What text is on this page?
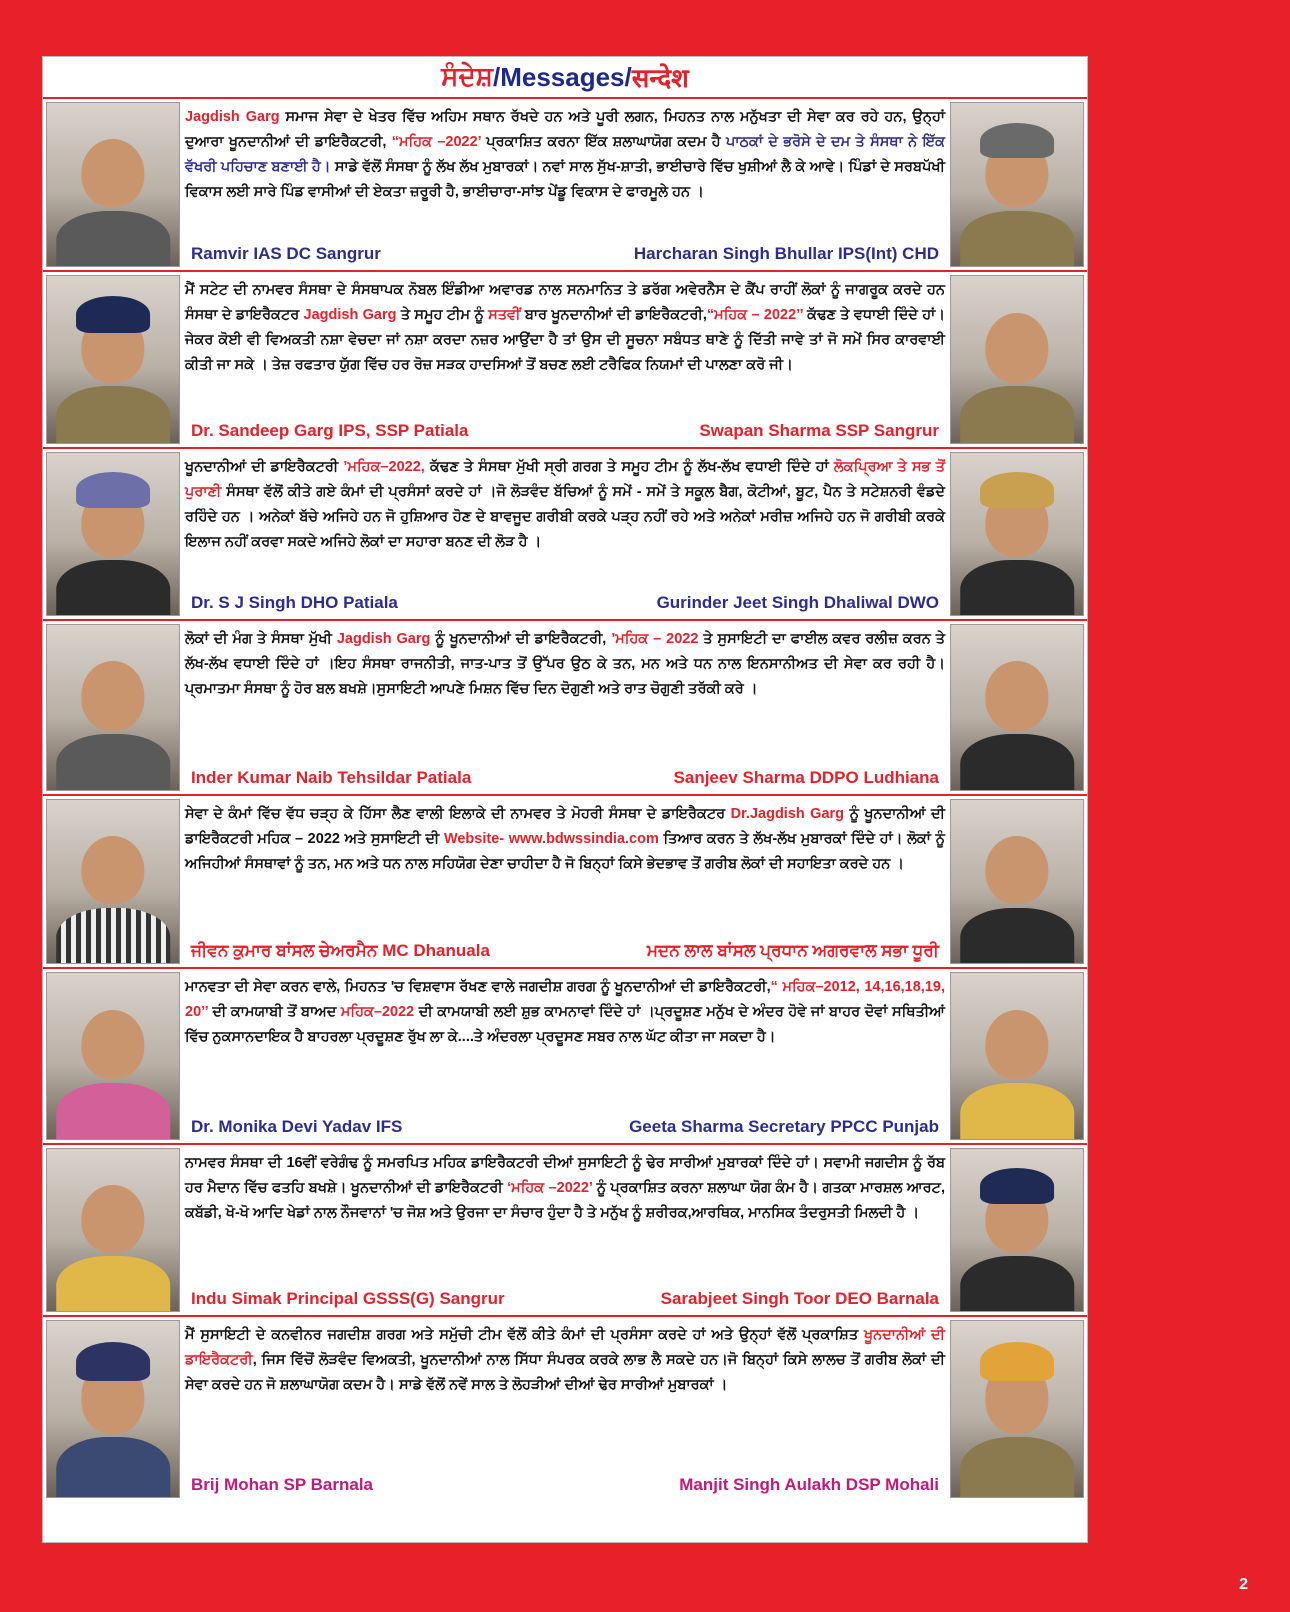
ਸੰਦੇਸ਼ / Messages / सन्देश

Jagdish Garg ਸਮਾਜ ਸੇਵਾ ਦੇ ਖੇਤਰ ਵਿੱਚ ਅਹਿਮ ਸਥਾਨ ਰੱਖਦੇ ਹਨ ਅਤੇ ਪੂਰੀ ਲਗਨ, ਮਿਹਨਤ ਨਾਲ ਮਨੁੱਖਤਾ ਦੀ ਸੇਵਾ ਕਰ ਰਹੇ ਹਨ, ਉਨ੍ਹਾਂ ਦੁਆਰਾ ਖੂਨਦਾਨੀਆਂ ਦੀ ਡਾਇਰੈਕਟਰੀ, “ਮਹਿਕ –2022’ ਪ੍ਰਕਾਸ਼ਿਤ ਕਰਨਾ ਇੱਕ ਸ਼ਲਾਘਾਯੋਗ ਕਦਮ ਹੈ ਪਾਠਕਾਂ ਦੇ ਭਰੋਸੇ ਦੇ ਦਮ ਤੇ ਸੰਸਥਾ ਨੇ ਇੱਕ ਵੱਖਰੀ ਪਹਿਚਾਣ ਬਣਾਈ ਹੈ। ਸਾਡੇ ਵੱਲੋਂ ਸੰਸਥਾ ਨੂੰ ਲੱਖ ਲੱਖ ਮੁਬਾਰਕਾਂ। ਨਵਾਂ ਸਾਲ ਸੁੱਖ-ਸ਼ਾਤੀ, ਭਾਈਚਾਰੇ ਵਿੱਚ ਖੁਸ਼ੀਆਂ ਲੈ ਕੇ ਆਵੇ। ਪਿੰਡਾਂ ਦੇ ਸਰਬਪੱਖੀ ਵਿਕਾਸ ਲਈ ਸਾਰੇ ਪਿੰਡ ਵਾਸੀਆਂ ਦੀ ਏਕਤਾ ਜ਼ਰੂਰੀ ਹੈ, ਭਾਈਚਾਰਾ-ਸਾਂਝ ਪੇਂਡੂ ਵਿਕਾਸ ਦੇ ਫਾਰਮੂਲੇ ਹਨ ।

Ramvir IAS DC Sangrur	Harcharan Singh Bhullar IPS(Int) CHD

ਮੈਂ ਸਟੇਟ ਦੀ ਨਾਮਵਰ ਸੰਸਥਾ ਦੇ ਸੰਸਥਾਪਕ ਨੋਬਲ ਇੰਡੀਆ ਅਵਾਰਡ ਨਾਲ ਸਨਮਾਨਿਤ ਤੇ ਡਰੱਗ ਅਵੇਰਨੈਸ ਦੇ ਕੈਂਪ ਰਾਹੀਂ ਲੋਕਾਂ ਨੂੰ ਜਾਗਰੂਕ ਕਰਦੇ ਹਨ ਸੰਸਥਾ ਦੇ ਡਾਇਰੈਕਟਰ Jagdish Garg ਤੇ ਸਮੂਹ ਟੀਮ ਨੂੰ ਸਤਵੀਂ ਬਾਰ ਖੂਨਦਾਨੀਆਂ ਦੀ ਡਾਇਰੈਕਟਰੀ,“ਮਹਿਕ – 2022’’ ਕੱਢਣ ਤੇ ਵਧਾਈ ਦਿੰਦੇ ਹਾਂ। ਜੇਕਰ ਕੋਈ ਵੀ ਵਿਅਕਤੀ ਨਸ਼ਾ ਵੇਚਦਾ ਜਾਂ ਨਸ਼ਾ ਕਰਦਾ ਨਜ਼ਰ ਆਉਂਦਾ ਹੈ ਤਾਂ ਉਸ ਦੀ ਸੂਚਨਾ ਸਬੰਧਤ ਥਾਣੇ ਨੂੰ ਦਿੱਤੀ ਜਾਵੇ ਤਾਂ ਜੋ ਸਮੇਂ ਸਿਰ ਕਾਰਵਾਈ ਕੀਤੀ ਜਾ ਸਕੇ । ਤੇਜ਼ ਰਫਤਾਰ ਯੁੱਗ ਵਿੱਚ ਹਰ ਰੋਜ਼ ਸੜਕ ਹਾਦਸਿਆਂ ਤੋਂ ਬਚਣ ਲਈ ਟਰੈਫਿਕ ਨਿਯਮਾਂ ਦੀ ਪਾਲਣਾ ਕਰੋ ਜੀ।

Dr. Sandeep Garg IPS, SSP Patiala	Swapan Sharma SSP Sangrur

ਖੂਨਦਾਨੀਆਂ ਦੀ ਡਾਇਰੈਕਟਰੀ ’ਮਹਿਕ–2022, ਕੱਢਣ ਤੇ ਸੰਸਥਾ ਮੁੱਖੀ ਸ੍ਰੀ ਗਰਗ ਤੇ ਸਮੂਹ ਟੀਮ ਨੂੰ ਲੱਖ-ਲੱਖ ਵਧਾਈ ਦਿੰਦੇ ਹਾਂ ਲੋਕਪ੍ਰਿਆ ਤੇ ਸਭ ਤੋਂ ਪੁਰਾਣੀ ਸੰਸਥਾ ਵੱਲੋਂ ਕੀਤੇ ਗਏ ਕੰਮਾਂ ਦੀ ਪ੍ਰਸੰਸਾਂ ਕਰਦੇ ਹਾਂ ।ਜੋ ਲੋੜਵੰਦ ਬੱਚਿਆਂ ਨੂੰ ਸਮੇਂ - ਸਮੇਂ ਤੇ ਸਕੂਲ ਬੈਗ, ਕੋਟੀਆਂ, ਬੂਟ, ਪੈਨ ਤੇ ਸਟੇਸ਼ਨਰੀ ਵੰਡਦੇ ਰਹਿੰਦੇ ਹਨ । ਅਨੇਕਾਂ ਬੱਚੇ ਅਜਿਹੇ ਹਨ ਜੋ ਹੁਸ਼ਿਆਰ ਹੋਣ ਦੇ ਬਾਵਜੂਦ ਗਰੀਬੀ ਕਰਕੇ ਪੜ੍ਹ ਨਹੀਂ ਰਹੇ ਅਤੇ ਅਨੇਕਾਂ ਮਰੀਜ਼ ਅਜਿਹੇ ਹਨ ਜੋ ਗਰੀਬੀ ਕਰਕੇ ਇਲਾਜ ਨਹੀਂ ਕਰਵਾ ਸਕਦੇ ਅਜਿਹੇ ਲੋਕਾਂ ਦਾ ਸਹਾਰਾ ਬਨਣ ਦੀ ਲੋੜ ਹੈ ।

Dr. S J Singh DHO Patiala	Gurinder Jeet Singh Dhaliwal DWO

ਲੋਕਾਂ ਦੀ ਮੰਗ ਤੇ ਸੰਸਥਾ ਮੁੱਖੀ Jagdish Garg ਨੂੰ ਖੂਨਦਾਨੀਆਂ ਦੀ ਡਾਇਰੈਕਟਰੀ, ’ਮਹਿਕ – 2022 ਤੇ ਸੁਸਾਇਟੀ ਦਾ ਫਾਈਲ ਕਵਰ ਰਲੀਜ਼ ਕਰਨ ਤੇ ਲੱਖ-ਲੱਖ ਵਧਾਈ ਦਿੰਦੇ ਹਾਂ ।ਇਹ ਸੰਸਥਾ ਰਾਜਨੀਤੀ, ਜਾਤ-ਪਾਤ ਤੋਂ ਉੱਪਰ ਉਠ ਕੇ ਤਨ, ਮਨ ਅਤੇ ਧਨ ਨਾਲ ਇਨਸਾਨੀਅਤ ਦੀ ਸੇਵਾ ਕਰ ਰਹੀ ਹੈ।ਪ੍ਰਮਾਤਮਾ ਸੰਸਥਾ ਨੂੰ ਹੋਰ ਬਲ ਬਖਸ਼ੇ।ਸੁਸਾਇਟੀ ਆਪਣੇ ਮਿਸ਼ਨ ਵਿੱਚ ਦਿਨ ਦੋਗੁਣੀ ਅਤੇ ਰਾਤ ਚੋਗੁਣੀ ਤਰੱਕੀ ਕਰੇ ।

Inder Kumar Naib Tehsildar Patiala	Sanjeev Sharma DDPO Ludhiana

ਸੇਵਾ ਦੇ ਕੰਮਾਂ ਵਿੱਚ ਵੱਧ ਚੜ੍ਹ ਕੇ ਹਿੱਸਾ ਲੈਣ ਵਾਲੀ ਇਲਾਕੇ ਦੀ ਨਾਮਵਰ ਤੇ ਮੋਹਰੀ ਸੰਸਥਾ ਦੇ ਡਾਇਰੈਕਟਰ Dr.Jagdish Garg ਨੂੰ ਖੂਨਦਾਨੀਆਂ ਦੀ ਡਾਇਰੈਕਟਰੀ ਮਹਿਕ – 2022 ਅਤੇ ਸੁਸਾਇਟੀ ਦੀ Website- www.bdwssindia.com ਤਿਆਰ ਕਰਨ ਤੇ ਲੱਖ-ਲੱਖ ਮੁਬਾਰਕਾਂ ਦਿੰਦੇ ਹਾਂ। ਲੋਕਾਂ ਨੂੰ ਅਜਿਹੀਆਂ ਸੰਸਥਾਵਾਂ ਨੂੰ ਤਨ, ਮਨ ਅਤੇ ਧਨ ਨਾਲ ਸਹਿਯੋਗ ਦੇਣਾ ਚਾਹੀਦਾ ਹੈ ਜੋ ਬਿਨ੍ਹਾਂ ਕਿਸੇ ਭੇਦਭਾਵ ਤੋਂ ਗਰੀਬ ਲੋਕਾਂ ਦੀ ਸਹਾਇਤਾ ਕਰਦੇ ਹਨ ।

ਜੀਵਨ ਕੁਮਾਰ ਬਾਂਸਲ ਚੇਅਰਮੈਨ MC Dhanuala	ਮਦਨ ਲਾਲ ਬਾਂਸਲ ਪ੍ਰਧਾਨ ਅਗਰਵਾਲ ਸਭਾ ਧੂਰੀ

ਮਾਨਵਤਾ ਦੀ ਸੇਵਾ ਕਰਨ ਵਾਲੇ, ਮਿਹਨਤ 'ਚ ਵਿਸ਼ਵਾਸ ਰੱਖਣ ਵਾਲੇ ਜਗਦੀਸ਼ ਗਰਗ ਨੂੰ ਖੂਨਦਾਨੀਆਂ ਦੀ ਡਾਇਰੈਕਟਰੀ,“ ਮਹਿਕ–2012, 14,16,18,19, 20’’ ਦੀ ਕਾਮਯਾਬੀ ਤੋਂ ਬਾਅਦ ਮਹਿਕ–2022 ਦੀ ਕਾਮਯਾਬੀ ਲਈ ਸ਼ੁਭ ਕਾਮਨਾਵਾਂ ਦਿੰਦੇ ਹਾਂ ।ਪ੍ਰਦੂਸ਼ਣ ਮਨੁੱਖ ਦੇ ਅੰਦਰ ਹੋਵੇ ਜਾਂ ਬਾਹਰ ਦੋਵਾਂ ਸਥਿਤੀਆਂ ਵਿੱਚ ਨੁਕਸਾਨਦਾਇਕ ਹੈ ਬਾਹਰਲਾ ਪ੍ਰਦੂਸ਼ਣ ਰੁੱਖ ਲਾ ਕੇ....ਤੇ ਅੰਦਰਲਾ ਪ੍ਰਦੂਸਣ ਸਬਰ ਨਾਲ ਘੱਟ ਕੀਤਾ ਜਾ ਸਕਦਾ ਹੈ।

Dr. Monika Devi Yadav IFS	Geeta Sharma Secretary PPCC Punjab

ਨਾਮਵਰ ਸੰਸਥਾ ਦੀ 16ਵੀਂ ਵਰੇਗੰਢ ਨੂੰ ਸਮਰਪਿਤ ਮਹਿਕ ਡਾਇਰੈਕਟਰੀ ਦੀਆਂ ਸੁਸਾਇਟੀ ਨੂੰ ਢੇਰ ਸਾਰੀਆਂ ਮੁਬਾਰਕਾਂ ਦਿੰਦੇ ਹਾਂ। ਸਵਾਮੀ ਜਗਦੀਸ ਨੂੰ ਰੱਬ ਹਰ ਮੈਦਾਨ ਵਿੱਚ ਫਤਹਿ ਬਖਸ਼ੇ। ਖੂਨਦਾਨੀਆਂ ਦੀ ਡਾਇਰੈਕਟਰੀ ‘ਮਹਿਕ –2022’ ਨੂੰ ਪ੍ਰਕਾਸ਼ਿਤ ਕਰਨਾ ਸ਼ਲਾਘਾ ਯੋਗ ਕੰਮ ਹੈ। ਗਤਕਾ ਮਾਰਸ਼ਲ ਆਰਟ, ਕਬੱਡੀ, ਖੋ-ਖੋ ਆਦਿ ਖੇਡਾਂ ਨਾਲ ਨੌਜਵਾਨਾਂ 'ਚ ਜੋਸ਼ ਅਤੇ ਉਰਜਾ ਦਾ ਸੰਚਾਰ ਹੁੰਦਾ ਹੈ ਤੇ ਮਨੁੱਖ ਨੂੰ ਸ਼ਰੀਰਕ,ਆਰਥਿਕ, ਮਾਨਸਿਕ ਤੰਦਰੁਸਤੀ ਮਿਲਦੀ ਹੈ ।

Indu Simak Principal GSSS(G) Sangrur	Sarabjeet Singh Toor DEO Barnala

ਮੈਂ ਸੁਸਾਇਟੀ ਦੇ ਕਨਵੀਨਰ ਜਗਦੀਸ਼ ਗਰਗ ਅਤੇ ਸਮੁੱਚੀ ਟੀਮ ਵੱਲੋਂ ਕੀਤੇ ਕੰਮਾਂ ਦੀ ਪ੍ਰਸੰਸਾ ਕਰਦੇ ਹਾਂ ਅਤੇ ਉਨ੍ਹਾਂ ਵੱਲੋਂ ਪ੍ਰਕਾਸ਼ਿਤ ਖੂਨਦਾਨੀਆਂ ਦੀ ਡਾਇਰੈਕਟਰੀ, ਜਿਸ ਵਿੱਚੋਂ ਲੋੜਵੰਦ ਵਿਅਕਤੀ, ਖੂਨਦਾਨੀਆਂ ਨਾਲ ਸਿੱਧਾ ਸੰਪਰਕ ਕਰਕੇ ਲਾਭ ਲੈ ਸਕਦੇ ਹਨ।ਜੋ ਬਿਨ੍ਹਾਂ ਕਿਸੇ ਲਾਲਚ ਤੋਂ ਗਰੀਬ ਲੋਕਾਂ ਦੀ ਸੇਵਾ ਕਰਦੇ ਹਨ ਜੋ ਸ਼ਲਾਘਾਯੋਗ ਕਦਮ ਹੈ। ਸਾਡੇ ਵੱਲੋਂ ਨਵੇਂ ਸਾਲ ਤੇ ਲੋਹੜੀਆਂ ਦੀਆਂ ਢੇਰ ਸਾਰੀਆਂ ਮੁਬਾਰਕਾਂ ।

Brij Mohan SP Barnala	Manjit Singh Aulakh DSP Mohali
2
